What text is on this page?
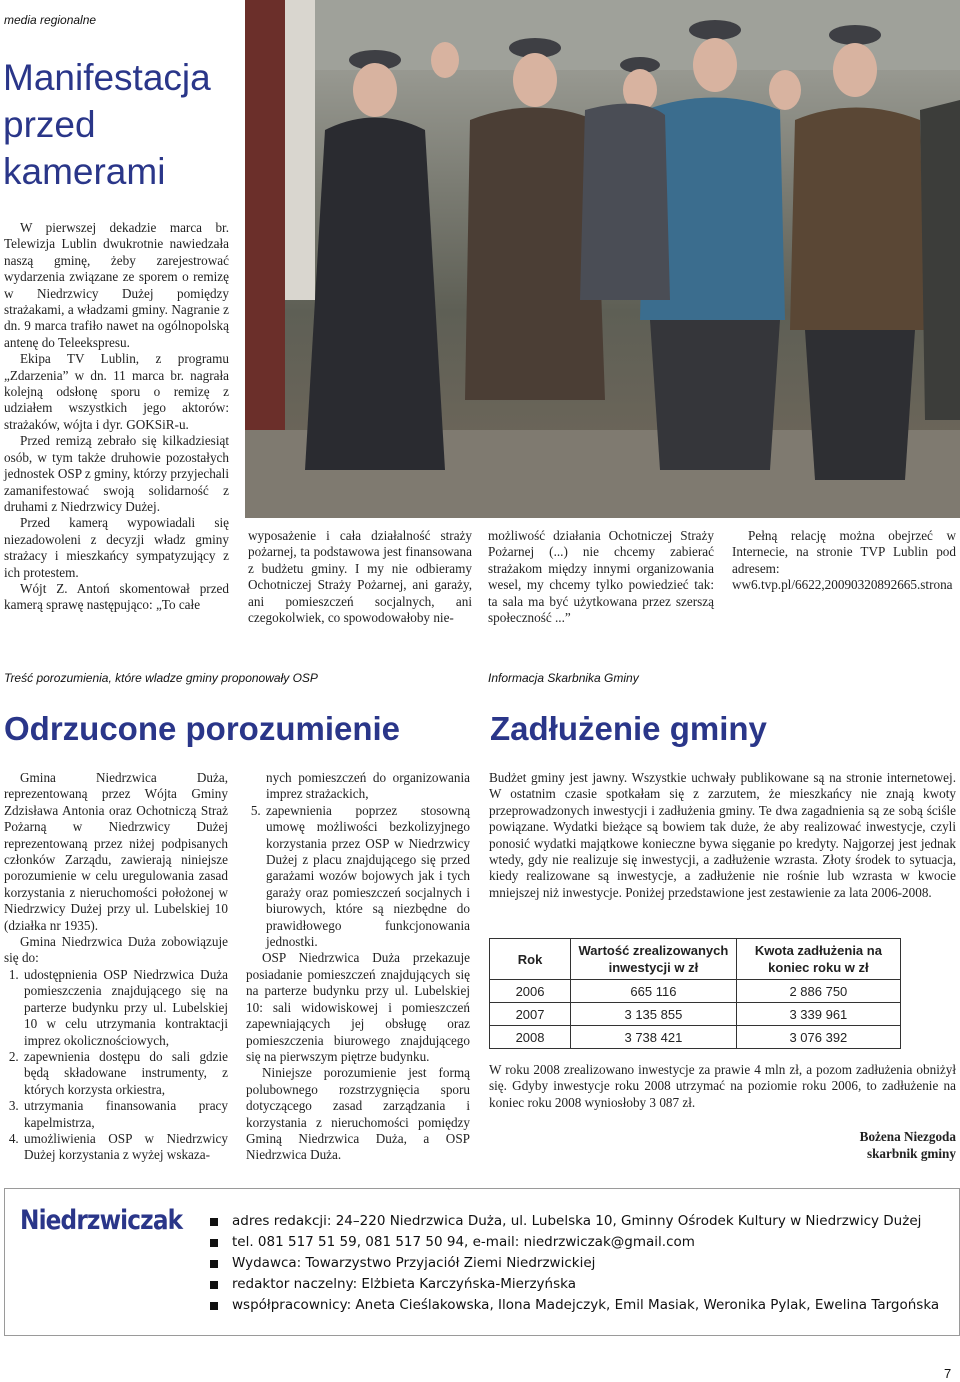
media regionalne
Manifestacja
przed
kamerami

W pierwszej dekadzie marca br. Telewizja Lublin dwukrotnie nawiedzała naszą gminę, żeby zarejestrować wydarzenia związane ze sporem o remizę w Niedrzwicy Dużej pomiędzy strażakami, a władzami gminy. Nagranie z dn. 9 marca trafiło nawet na ogólnopolską antenę do Teleekspresu.

Ekipa TV Lublin, z programu „Zdarzenia” w dn. 11 marca br. nagrała kolejną odsłonę sporu o remizę z udziałem wszystkich jego aktorów: strażaków, wójta i dyr. GOKSiR-u.

Przed remizą zebrało się kilkadziesiąt osób, w tym także druhowie pozostałych jednostek OSP z gminy, którzy przyjechali zamanifestować swoją solidarność z druhami z Niedrzwicy Dużej.

Przed kamerą wypowiadali się niezadowoleni z decyzji władz gminy strażacy i mieszkańcy sympatyzujący z ich protestem.

Wójt Z. Antoń skomentował przed kamerą sprawę następująco: „To całe

wyposażenie i cała działalność straży pożarnej, ta podstawowa jest finansowana z budżetu gminy. I my nie odbieramy Ochotniczej Straży Pożarnej, ani garaży, ani pomieszczeń socjalnych, ani czegokolwiek, co spowodowałoby nie-

możliwość działania Ochotniczej Straży Pożarnej (...) nie chcemy zabierać strażakom między innymi organizowania wesel, my chcemy tylko powiedzieć tak: ta sala ma być użytkowana przez szerszą społeczność ...”

Pełną relację można obejrzeć w Internecie, na stronie TVP Lublin pod adresem:

ww6.tvp.pl/6622,20090320892665.strona

Treść porozumienia, które wladze gminy proponowały OSP
Odrzucone porozumienie

Gmina Niedrzwica Duża, reprezentowaną przez Wójta Gminy Zdzisława Antonia oraz Ochotniczą Straż Pożarną w Niedrzwicy Dużej reprezentowaną przez niżej podpisanych członków Zarządu, zawierają niniejsze porozumienie w celu uregulowania zasad korzystania z nieruchomości położonej w Niedrzwicy Dużej przy ul. Lubelskiej 10 (działka nr 1935).

Gmina Niedrzwica Duża zobowiązuje się do:

1. udostępnienia OSP Niedrzwica Duża pomieszczenia znajdującego się na parterze budynku przy ul. Lubelskiej 10 w celu utrzymania kontraktacji imprez okolicznościowych,
2. zapewnienia dostępu do sali gdzie będą składowane instrumenty, z których korzysta orkiestra,
3. utrzymania finansowania pracy kapelmistrza,
4. umożliwienia OSP w Niedrzwicy Dużej korzystania z wyżej wskaza-

nych pomieszczeń do organizowania imprez strażackich,

5. zapewnienia poprzez stosowną umowę możliwości bezkolizyjnego korzystania przez OSP w Niedrzwicy Dużej z placu znajdującego się przed garażami wozów bojowych jak i tych garaży oraz pomieszczeń socjalnych i biurowych, które są niezbędne do prawidłowego funkcjonowania jednostki.

OSP Niedrzwica Duża przekazuje posiadanie pomieszczeń znajdujących się na parterze budynku przy ul. Lubelskiej 10: sali widowiskowej i pomieszczeń zapewniających jej obsługę oraz pomieszczenia biurowego znajdującego się na pierwszym piętrze budynku.

Niniejsze porozumienie jest formą polubownego rozstrzygnięcia sporu dotyczącego zasad zarządzania i korzystania z nieruchomości pomiędzy Gminą Niedrzwica Duża, a OSP Niedrzwica Duża.

Informacja Skarbnika Gminy
Zadłużenie gminy

Budżet gminy jest jawny. Wszystkie uchwały publikowane są na stronie internetowej. W ostatnim czasie spotkałam się z zarzutem, że mieszkańcy nie znają kwoty przeprowadzonych inwestycji i zadłużenia gminy. Te dwa zagadnienia są ze sobą ściśle powiązane. Wydatki bieżące są bowiem tak duże, że aby realizować inwestycje, czyli ponosić wydatki majątkowe konieczne bywa sięganie po kredyty. Najgorzej jest jednak wtedy, gdy nie realizuje się inwestycji, a zadłużenie wzrasta. Złoty środek to sytuacja, kiedy realizowane są inwestycje, a zadłużenie nie rośnie lub wzrasta w kwocie mniejszej niż inwestycje. Poniżej przedstawione jest zestawienie za lata 2006-2008.

Rok	Wartość zrealizowanych inwestycji w zł	Kwota zadłużenia na koniec roku w zł
2006	665 116	2 886 750
2007	3 135 855	3 339 961
2008	3 738 421	3 076 392

W roku 2008 zrealizowano inwestycje za prawie 4 mln zł, a pozom zadłużenia obniżył się. Gdyby inwestycje roku 2008 utrzymać na poziomie roku 2006, to zadłużenie na koniec roku 2008 wyniosłoby 3 087 zł.

Bożena Niezgoda
skarbnik gminy
Niedrzwiczak	adres redakcji: 24–220 Niedrzwica Duża, ul. Lubelska 10, Gminny Ośrodek Kultury w Niedrzwicy Dużej
tel. 081 517 51 59, 081 517 50 94, e-mail: niedrzwiczak@gmail.com
Wydawca: Towarzystwo Przyjaciół Ziemi Niedrzwickiej
redaktor naczelny: Elżbieta Karczyńska-Mierzyńska
współpracownicy: Aneta Cieślakowska, Ilona Madejczyk, Emil Masiak, Weronika Pylak, Ewelina Targońska
7
